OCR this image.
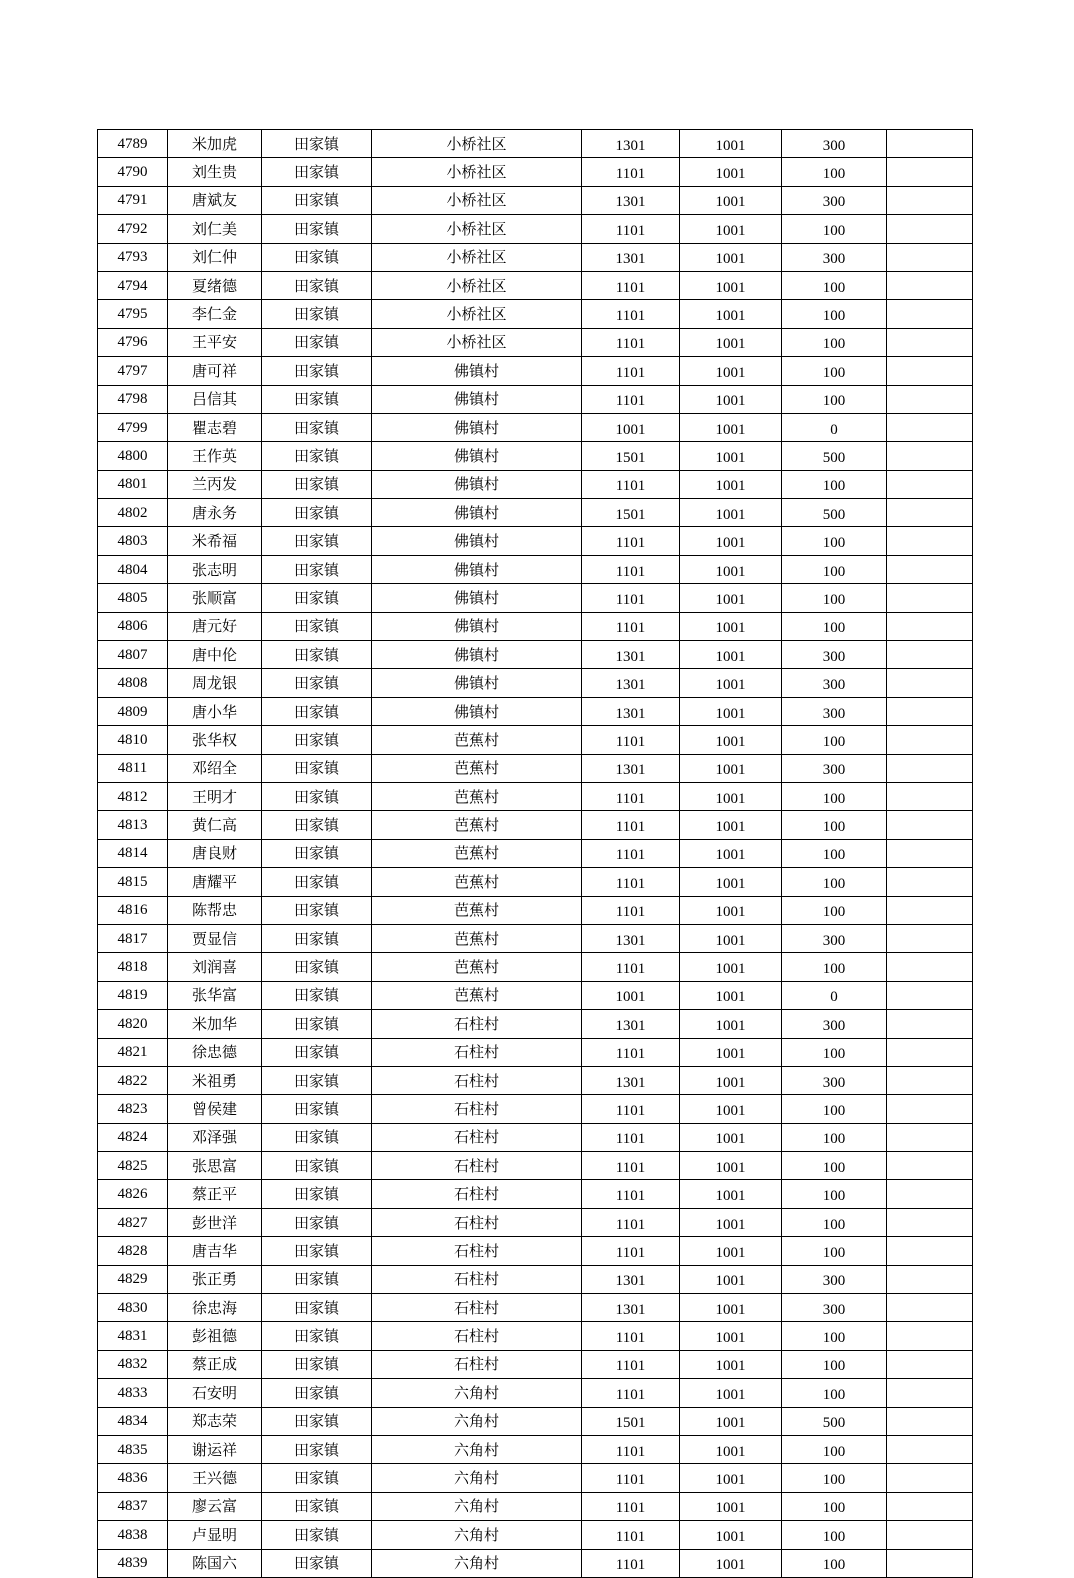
4789	米加虎	田家镇	小桥社区	1301	1001	300	
4790	刘生贵	田家镇	小桥社区	1101	1001	100	
4791	唐斌友	田家镇	小桥社区	1301	1001	300	
4792	刘仁美	田家镇	小桥社区	1101	1001	100	
4793	刘仁仲	田家镇	小桥社区	1301	1001	300	
4794	夏绪德	田家镇	小桥社区	1101	1001	100	
4795	李仁金	田家镇	小桥社区	1101	1001	100	
4796	王平安	田家镇	小桥社区	1101	1001	100	
4797	唐可祥	田家镇	佛镇村	1101	1001	100	
4798	吕信其	田家镇	佛镇村	1101	1001	100	
4799	瞿志碧	田家镇	佛镇村	1001	1001	0	
4800	王作英	田家镇	佛镇村	1501	1001	500	
4801	兰丙发	田家镇	佛镇村	1101	1001	100	
4802	唐永务	田家镇	佛镇村	1501	1001	500	
4803	米希福	田家镇	佛镇村	1101	1001	100	
4804	张志明	田家镇	佛镇村	1101	1001	100	
4805	张顺富	田家镇	佛镇村	1101	1001	100	
4806	唐元好	田家镇	佛镇村	1101	1001	100	
4807	唐中伦	田家镇	佛镇村	1301	1001	300	
4808	周龙银	田家镇	佛镇村	1301	1001	300	
4809	唐小华	田家镇	佛镇村	1301	1001	300	
4810	张华权	田家镇	芭蕉村	1101	1001	100	
4811	邓绍全	田家镇	芭蕉村	1301	1001	300	
4812	王明才	田家镇	芭蕉村	1101	1001	100	
4813	黄仁高	田家镇	芭蕉村	1101	1001	100	
4814	唐良财	田家镇	芭蕉村	1101	1001	100	
4815	唐耀平	田家镇	芭蕉村	1101	1001	100	
4816	陈帮忠	田家镇	芭蕉村	1101	1001	100	
4817	贾显信	田家镇	芭蕉村	1301	1001	300	
4818	刘润喜	田家镇	芭蕉村	1101	1001	100	
4819	张华富	田家镇	芭蕉村	1001	1001	0	
4820	米加华	田家镇	石柱村	1301	1001	300	
4821	徐忠德	田家镇	石柱村	1101	1001	100	
4822	米祖勇	田家镇	石柱村	1301	1001	300	
4823	曾侯建	田家镇	石柱村	1101	1001	100	
4824	邓泽强	田家镇	石柱村	1101	1001	100	
4825	张思富	田家镇	石柱村	1101	1001	100	
4826	蔡正平	田家镇	石柱村	1101	1001	100	
4827	彭世洋	田家镇	石柱村	1101	1001	100	
4828	唐吉华	田家镇	石柱村	1101	1001	100	
4829	张正勇	田家镇	石柱村	1301	1001	300	
4830	徐忠海	田家镇	石柱村	1301	1001	300	
4831	彭祖德	田家镇	石柱村	1101	1001	100	
4832	蔡正成	田家镇	石柱村	1101	1001	100	
4833	石安明	田家镇	六角村	1101	1001	100	
4834	郑志荣	田家镇	六角村	1501	1001	500	
4835	谢运祥	田家镇	六角村	1101	1001	100	
4836	王兴德	田家镇	六角村	1101	1001	100	
4837	廖云富	田家镇	六角村	1101	1001	100	
4838	卢显明	田家镇	六角村	1101	1001	100	
4839	陈国六	田家镇	六角村	1101	1001	100	
